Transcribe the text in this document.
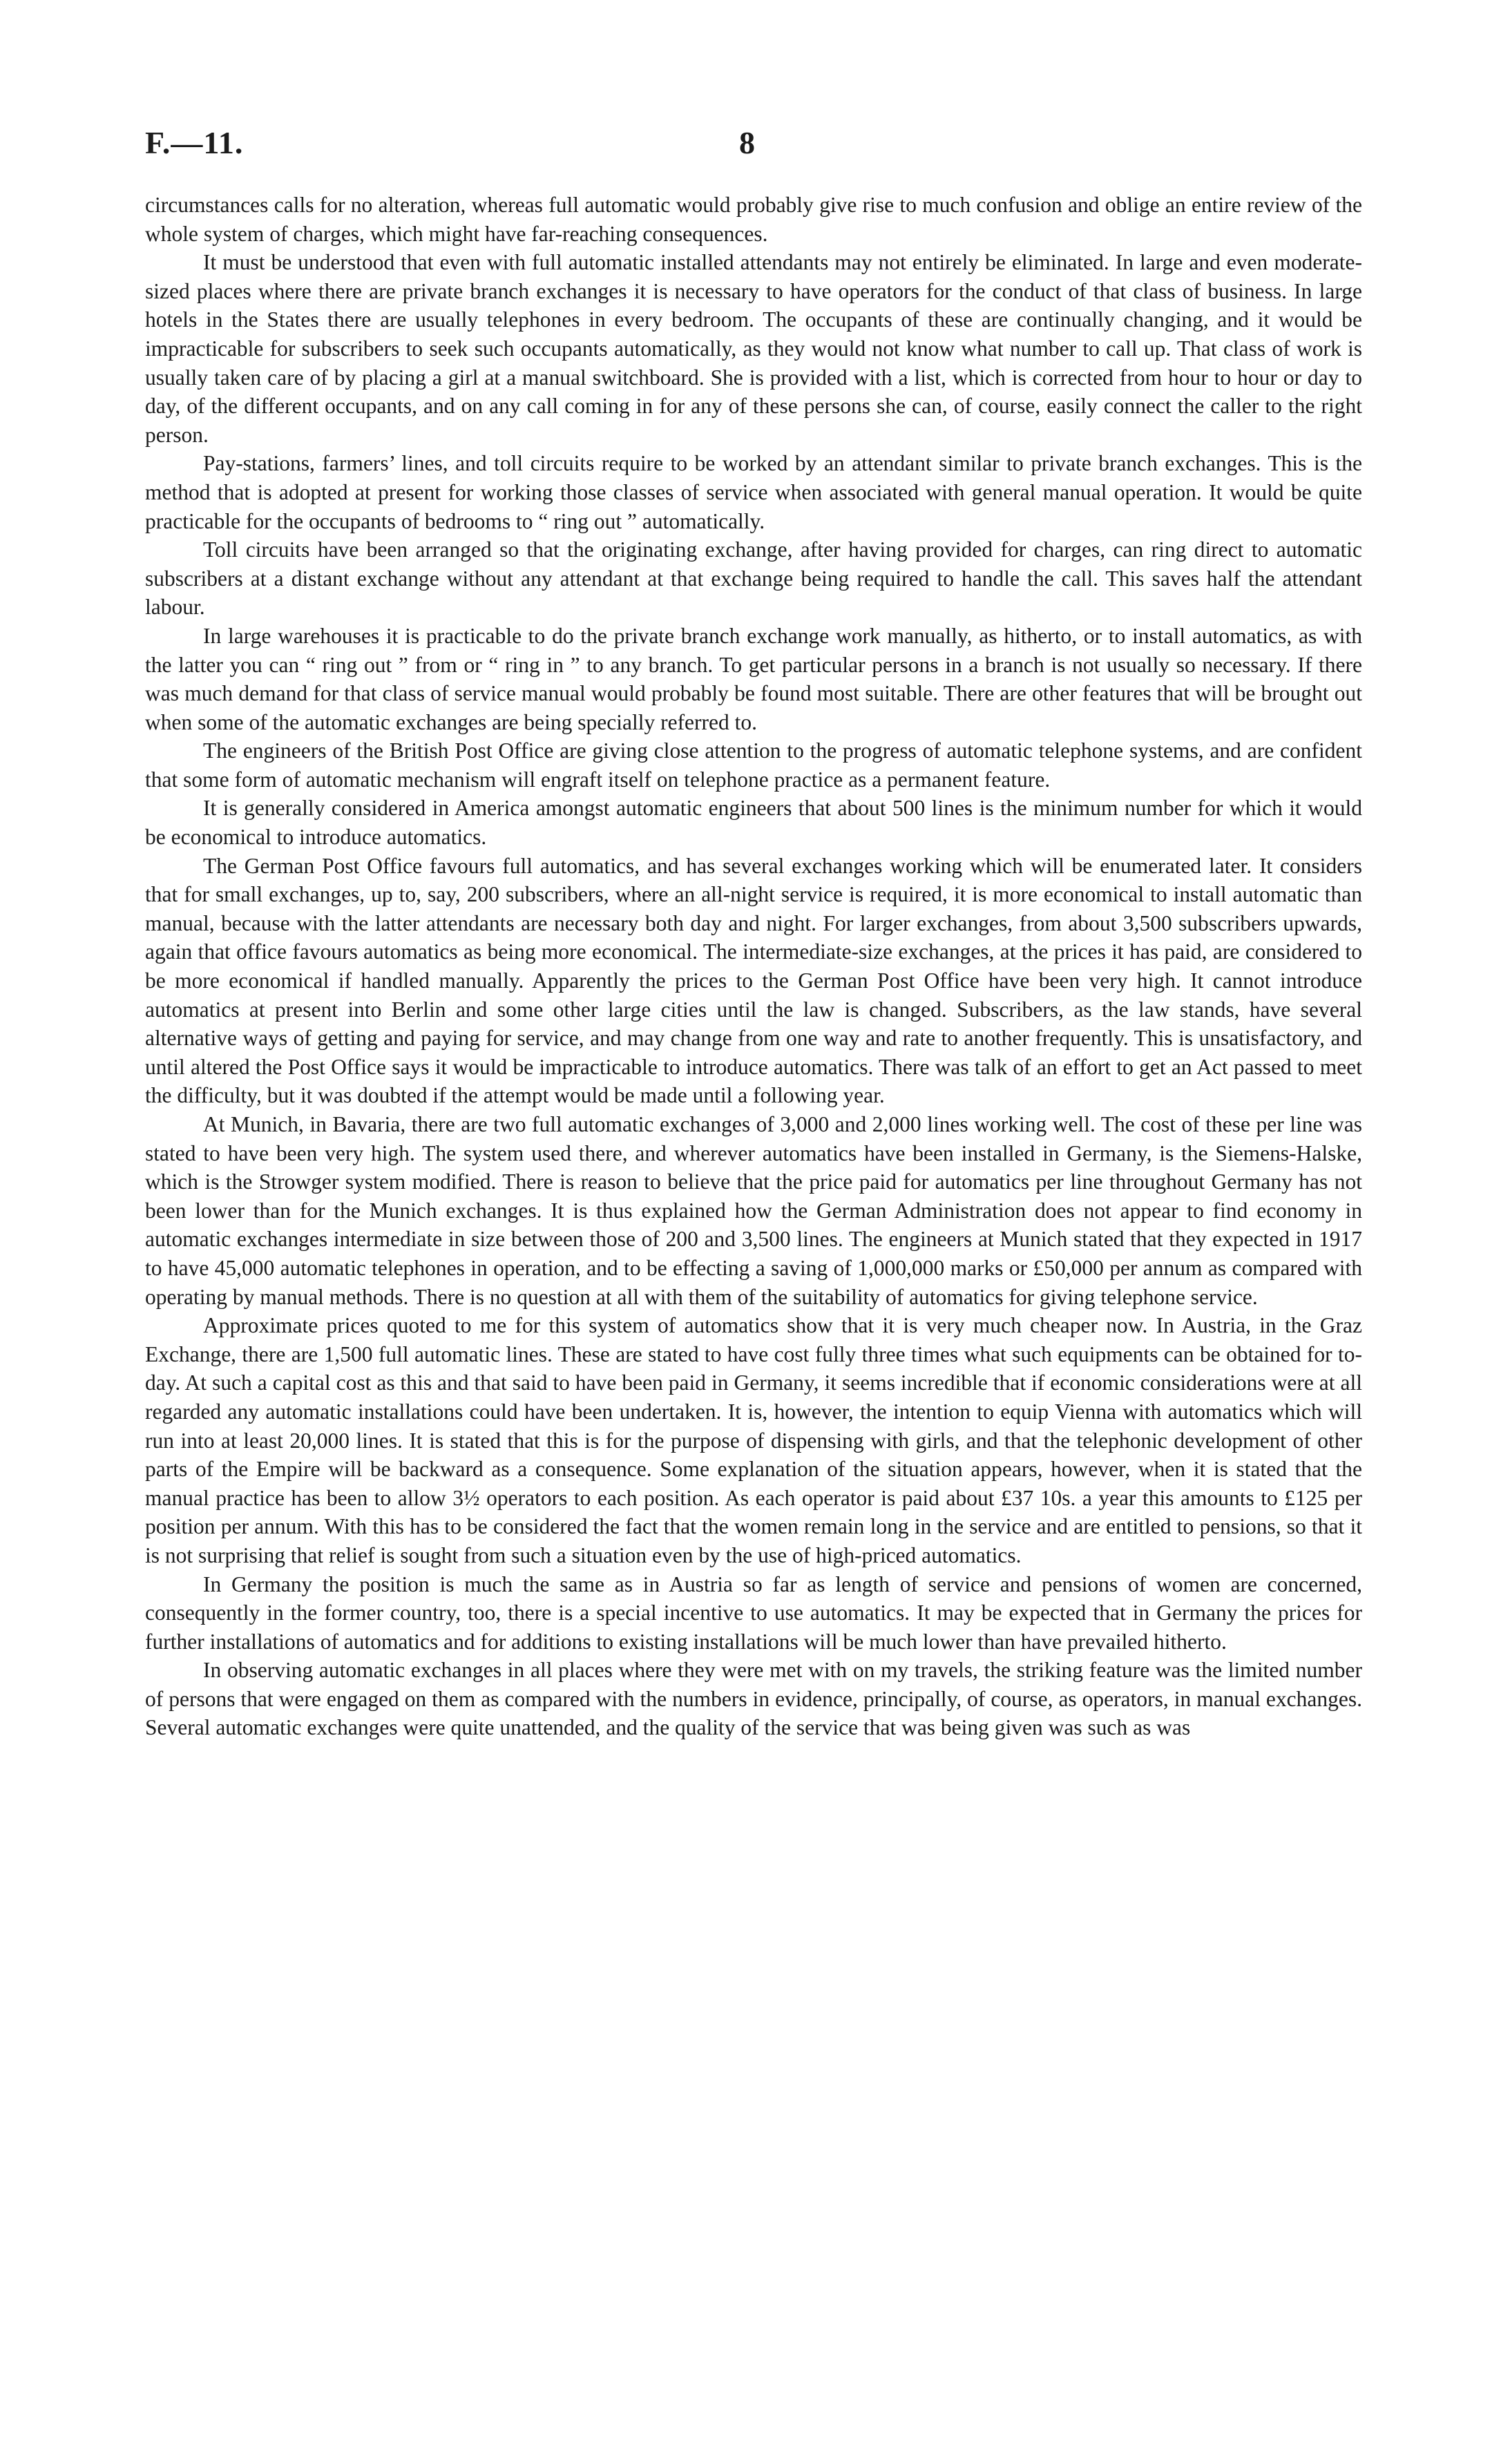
F.—11.	8

circumstances calls for no alteration, whereas full automatic would probably give rise to much confusion and oblige an entire review of the whole system of charges, which might have far-reaching consequences.

It must be understood that even with full automatic installed attendants may not entirely be eliminated. In large and even moderate-sized places where there are private branch exchanges it is necessary to have operators for the conduct of that class of business. In large hotels in the States there are usually telephones in every bedroom. The occupants of these are continually changing, and it would be impracticable for subscribers to seek such occupants automatically, as they would not know what number to call up. That class of work is usually taken care of by placing a girl at a manual switchboard. She is provided with a list, which is corrected from hour to hour or day to day, of the different occupants, and on any call coming in for any of these persons she can, of course, easily connect the caller to the right person.

Pay-stations, farmers’ lines, and toll circuits require to be worked by an attendant similar to private branch exchanges. This is the method that is adopted at present for working those classes of service when associated with general manual operation. It would be quite practicable for the occupants of bedrooms to “ ring out ” automatically.

Toll circuits have been arranged so that the originating exchange, after having provided for charges, can ring direct to automatic subscribers at a distant exchange without any attendant at that exchange being required to handle the call. This saves half the attendant labour.

In large warehouses it is practicable to do the private branch exchange work manually, as hitherto, or to install automatics, as with the latter you can “ ring out ” from or “ ring in ” to any branch. To get particular persons in a branch is not usually so necessary. If there was much demand for that class of service manual would probably be found most suitable. There are other features that will be brought out when some of the automatic exchanges are being specially referred to.

The engineers of the British Post Office are giving close attention to the progress of automatic telephone systems, and are confident that some form of automatic mechanism will engraft itself on telephone practice as a permanent feature.

It is generally considered in America amongst automatic engineers that about 500 lines is the minimum number for which it would be economical to introduce automatics.

The German Post Office favours full automatics, and has several exchanges working which will be enumerated later. It considers that for small exchanges, up to, say, 200 subscribers, where an all-night service is required, it is more economical to install automatic than manual, because with the latter attendants are necessary both day and night. For larger exchanges, from about 3,500 subscribers upwards, again that office favours automatics as being more economical. The intermediate-size exchanges, at the prices it has paid, are considered to be more economical if handled manually. Apparently the prices to the German Post Office have been very high. It cannot introduce automatics at present into Berlin and some other large cities until the law is changed. Subscribers, as the law stands, have several alternative ways of getting and paying for service, and may change from one way and rate to another frequently. This is unsatisfactory, and until altered the Post Office says it would be impracticable to introduce automatics. There was talk of an effort to get an Act passed to meet the difficulty, but it was doubted if the attempt would be made until a following year.

At Munich, in Bavaria, there are two full automatic exchanges of 3,000 and 2,000 lines working well. The cost of these per line was stated to have been very high. The system used there, and wherever automatics have been installed in Germany, is the Siemens-Halske, which is the Strowger system modified. There is reason to believe that the price paid for automatics per line throughout Germany has not been lower than for the Munich exchanges. It is thus explained how the German Administration does not appear to find economy in automatic exchanges intermediate in size between those of 200 and 3,500 lines. The engineers at Munich stated that they expected in 1917 to have 45,000 automatic telephones in operation, and to be effecting a saving of 1,000,000 marks or £50,000 per annum as compared with operating by manual methods. There is no question at all with them of the suitability of automatics for giving telephone service.

Approximate prices quoted to me for this system of automatics show that it is very much cheaper now. In Austria, in the Graz Exchange, there are 1,500 full automatic lines. These are stated to have cost fully three times what such equipments can be obtained for to-day. At such a capital cost as this and that said to have been paid in Germany, it seems incredible that if economic considerations were at all regarded any automatic installations could have been undertaken. It is, however, the intention to equip Vienna with automatics which will run into at least 20,000 lines. It is stated that this is for the purpose of dispensing with girls, and that the telephonic development of other parts of the Empire will be backward as a consequence. Some explanation of the situation appears, however, when it is stated that the manual practice has been to allow 3½ operators to each position. As each operator is paid about £37 10s. a year this amounts to £125 per position per annum. With this has to be considered the fact that the women remain long in the service and are entitled to pensions, so that it is not surprising that relief is sought from such a situation even by the use of high-priced automatics.

In Germany the position is much the same as in Austria so far as length of service and pensions of women are concerned, consequently in the former country, too, there is a special incentive to use automatics. It may be expected that in Germany the prices for further installations of automatics and for additions to existing installations will be much lower than have prevailed hitherto.

In observing automatic exchanges in all places where they were met with on my travels, the striking feature was the limited number of persons that were engaged on them as compared with the numbers in evidence, principally, of course, as operators, in manual exchanges. Several automatic exchanges were quite unattended, and the quality of the service that was being given was such as was
